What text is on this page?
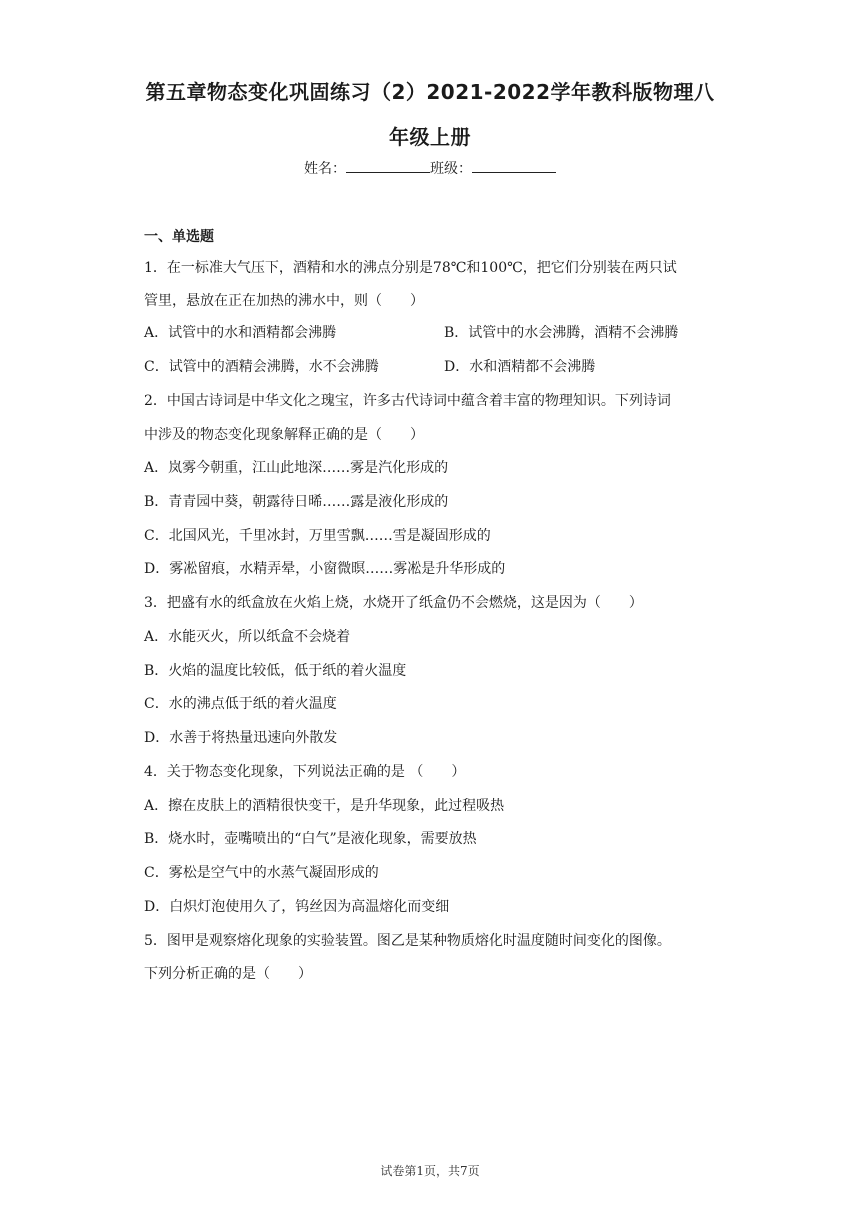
第五章物态变化巩固练习（2）2021-2022学年教科版物理八
年级上册
姓名：	班级：
一、单选题
1．在一标准大气压下，酒精和水的沸点分别是78℃和100℃，把它们分别装在两只试
管里，悬放在正在加热的沸水中，则（　　）
A．试管中的水和酒精都会沸腾	B．试管中的水会沸腾，酒精不会沸腾
C．试管中的酒精会沸腾，水不会沸腾	D．水和酒精都不会沸腾
2．中国古诗词是中华文化之瑰宝，许多古代诗词中蕴含着丰富的物理知识。下列诗词
中涉及的物态变化现象解释正确的是（　　）
A．岚雾今朝重，江山此地深……雾是汽化形成的
B．青青园中葵，朝露待日晞……露是液化形成的
C．北国风光，千里冰封，万里雪飘……雪是凝固形成的
D．雾凇留痕，水精弄晕，小窗微暝……雾凇是升华形成的
3．把盛有水的纸盒放在火焰上烧，水烧开了纸盒仍不会燃烧，这是因为（　　）
A．水能灭火，所以纸盒不会烧着
B．火焰的温度比较低，低于纸的着火温度
C．水的沸点低于纸的着火温度
D．水善于将热量迅速向外散发
4．关于物态变化现象，下列说法正确的是 （　　）
A．擦在皮肤上的酒精很快变干，是升华现象，此过程吸热
B．烧水时，壶嘴喷出的“白气”是液化现象，需要放热
C．雾松是空气中的水蒸气凝固形成的
D．白炽灯泡使用久了，钨丝因为高温熔化而变细
5．图甲是观察熔化现象的实验装置。图乙是某种物质熔化时温度随时间变化的图像。
下列分析正确的是（　　）
试卷第1页，共7页
